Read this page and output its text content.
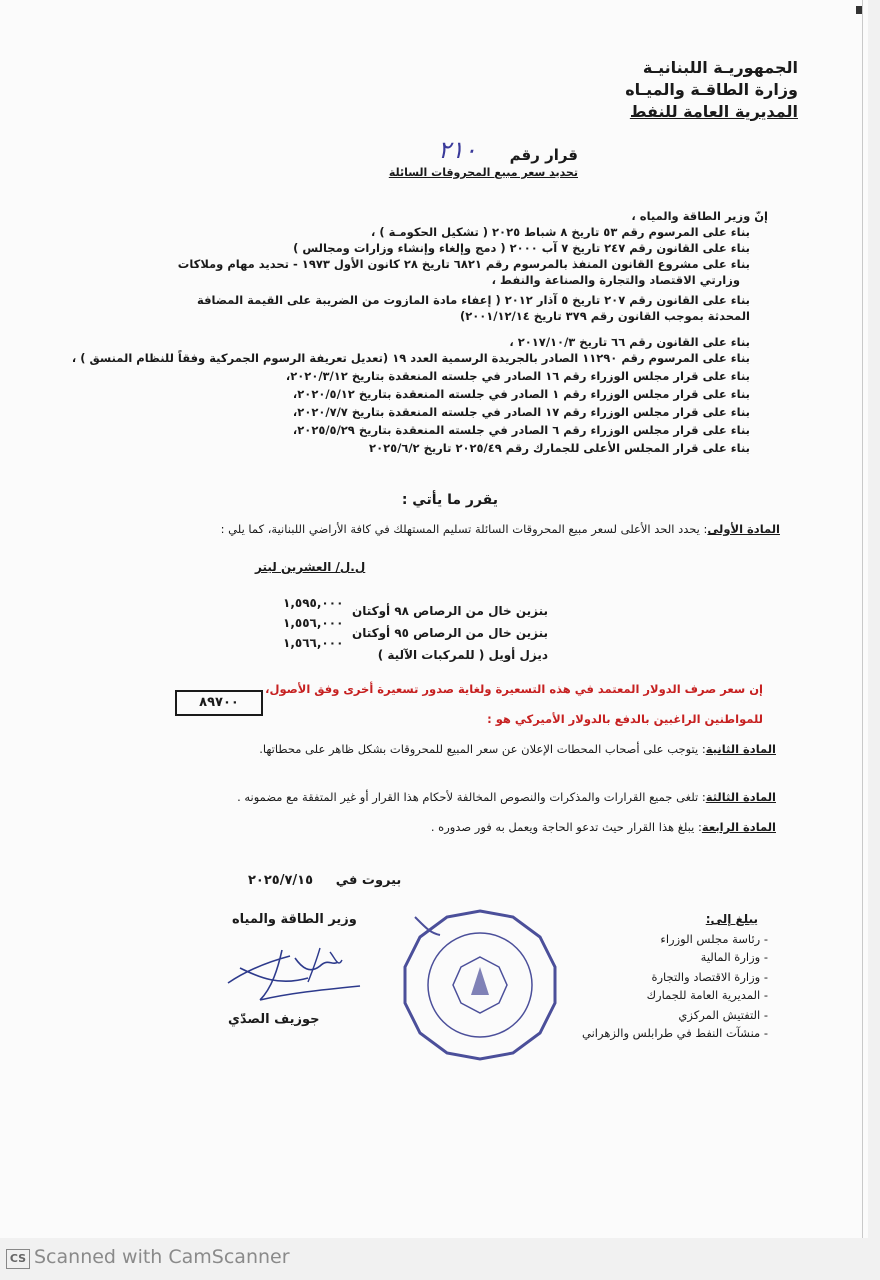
الجمهوريـة اللبنانيـة
وزارة الطاقـة والميـاه
المديرية العامة للنفط
قرار رقم
٢١٠
تحديد سعر مبيع المحروقات السائلة
إنّ وزير الطاقة والمياه ،
بناء على المرسوم رقم ٥٣ تاريخ ٨ شباط ٢٠٢٥ ( تشكيل الحكومـة ) ،
بناء على القانون رقم ٢٤٧ تاريخ ٧ آب ٢٠٠٠ ( دمج وإلغاء وإنشاء وزارات ومجالس )
بناء على مشروع القانون المنفذ بالمرسوم رقم ٦٨٢١ تاريخ ٢٨ كانون الأول ١٩٧٣ - تحديد مهام وملاكات
وزارتي الاقتصاد والتجارة والصناعة والنفط ،
بناء على القانون رقم ٢٠٧ تاريخ ٥ آذار ٢٠١٢ ( إعفاء مادة المازوت من الضريبة على القيمة المضافة
المحدثة بموجب القانون رقم ٣٧٩ تاريخ ٢٠٠١/١٢/١٤)
بناء على القانون رقم ٦٦ تاريخ ٢٠١٧/١٠/٣ ،
بناء على المرسوم رقم ١١٢٩٠ الصادر بالجريدة الرسمية العدد ١٩ (تعديل تعريفة الرسوم الجمركية وفقاً للنظام المنسق ) ،
بناء على قرار مجلس الوزراء رقم ١٦ الصادر في جلسته المنعقدة بتاريخ ٢٠٢٠/٣/١٢،
بناء على قرار مجلس الوزراء رقم ١ الصادر في جلسته المنعقدة بتاريخ ٢٠٢٠/٥/١٢،
بناء على قرار مجلس الوزراء رقم ١٧ الصادر في جلسته المنعقدة بتاريخ ٢٠٢٠/٧/٧،
بناء على قرار مجلس الوزراء رقم ٦ الصادر في جلسته المنعقدة بتاريخ ٢٠٢٥/٥/٢٩،
بناء على قرار المجلس الأعلى للجمارك رقم ٢٠٢٥/٤٩ تاريخ ٢٠٢٥/٦/٢
يقرر ما يأتي :
المادة الأولى: يحدد الحد الأعلى لسعر مبيع المحروقات السائلة تسليم المستهلك في كافة الأراضي اللبنانية، كما يلي :
ل.ل/ العشرين ليتر
١,٥٩٥,٠٠٠
١,٥٥٦,٠٠٠
١,٥٦٦,٠٠٠
بنزين خال من الرصاص ٩٨ أوكتان
بنزين خال من الرصاص ٩٥ أوكتان
ديزل أويل ( للمركبات الآلية )
إن سعر صرف الدولار المعتمد في هذه التسعيرة ولغاية صدور تسعيرة أخرى وفق الأصول،
للمواطنين الراغبين بالدفع بالدولار الأميركي هو :
٨٩٧٠٠
المادة الثانية: يتوجب على أصحاب المحطات الإعلان عن سعر المبيع للمحروقات بشكل ظاهر على محطاتها.
المادة الثالثة: تلغى جميع القرارات والمذكرات والنصوص المخالفة لأحكام هذا القرار أو غير المتفقة مع مضمونه .
المادة الرابعة: يبلغ هذا القرار حيث تدعو الحاجة ويعمل به فور صدوره .
بيروت في     ٢٠٢٥/٧/١٥
وزير الطاقة والمياه
جوزيف الصدّي
يبلغ إلى:
- رئاسة مجلس الوزراء
- وزارة المالية
- وزارة الاقتصاد والتجارة
- المديرية العامة للجمارك
- التفتيش المركزي
- منشآت النفط في طرابلس والزهراني
CS Scanned with CamScanner
